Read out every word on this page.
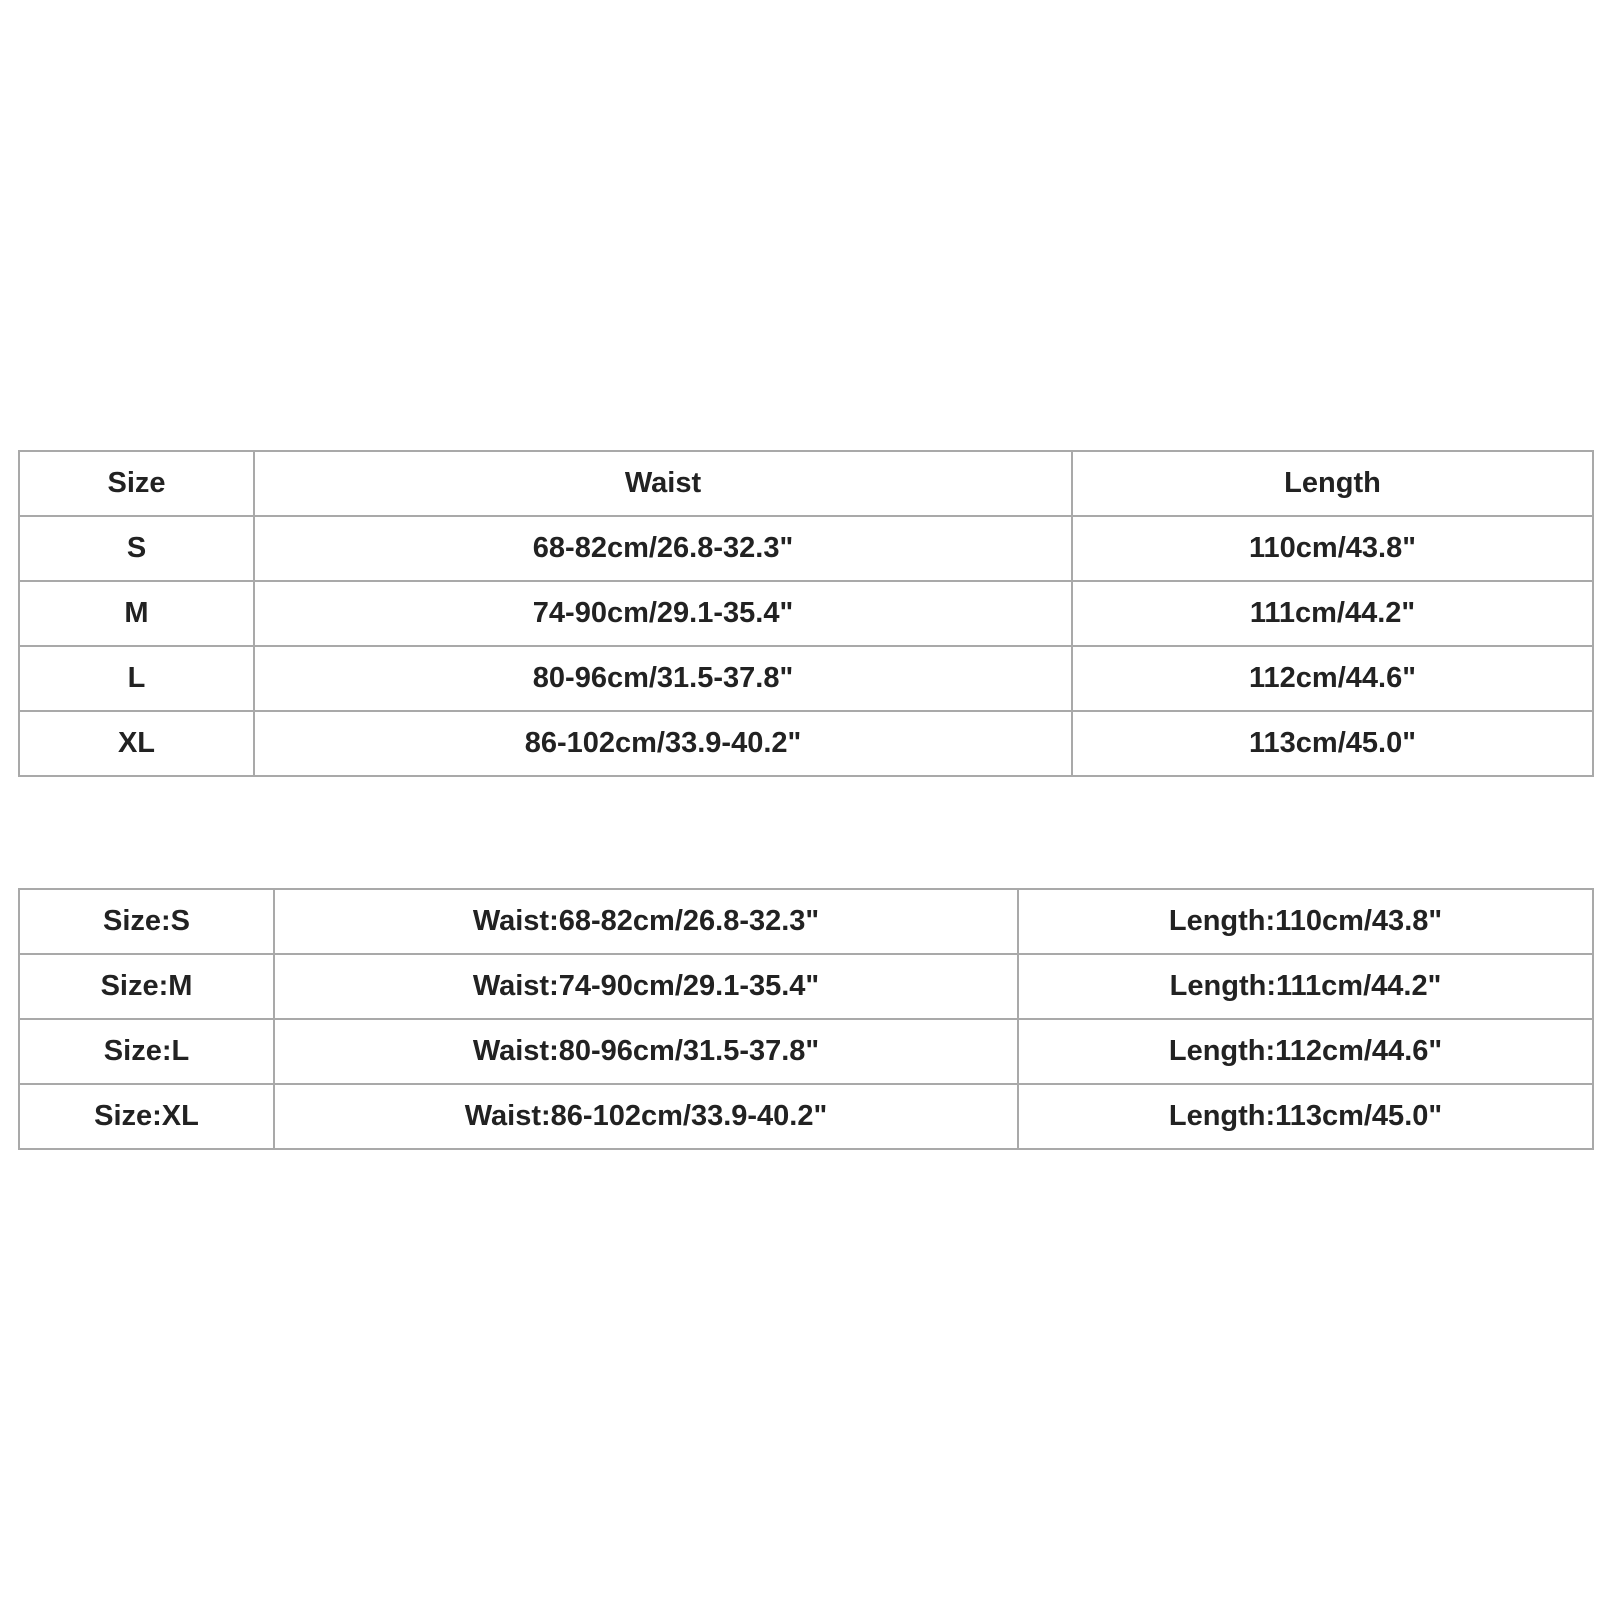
Size	Waist	Length
S	68-82cm/26.8-32.3"	110cm/43.8"
M	74-90cm/29.1-35.4"	111cm/44.2"
L	80-96cm/31.5-37.8"	112cm/44.6"
XL	86-102cm/33.9-40.2"	113cm/45.0"
Size:S	Waist:68-82cm/26.8-32.3"	Length:110cm/43.8"
Size:M	Waist:74-90cm/29.1-35.4"	Length:111cm/44.2"
Size:L	Waist:80-96cm/31.5-37.8"	Length:112cm/44.6"
Size:XL	Waist:86-102cm/33.9-40.2"	Length:113cm/45.0"
